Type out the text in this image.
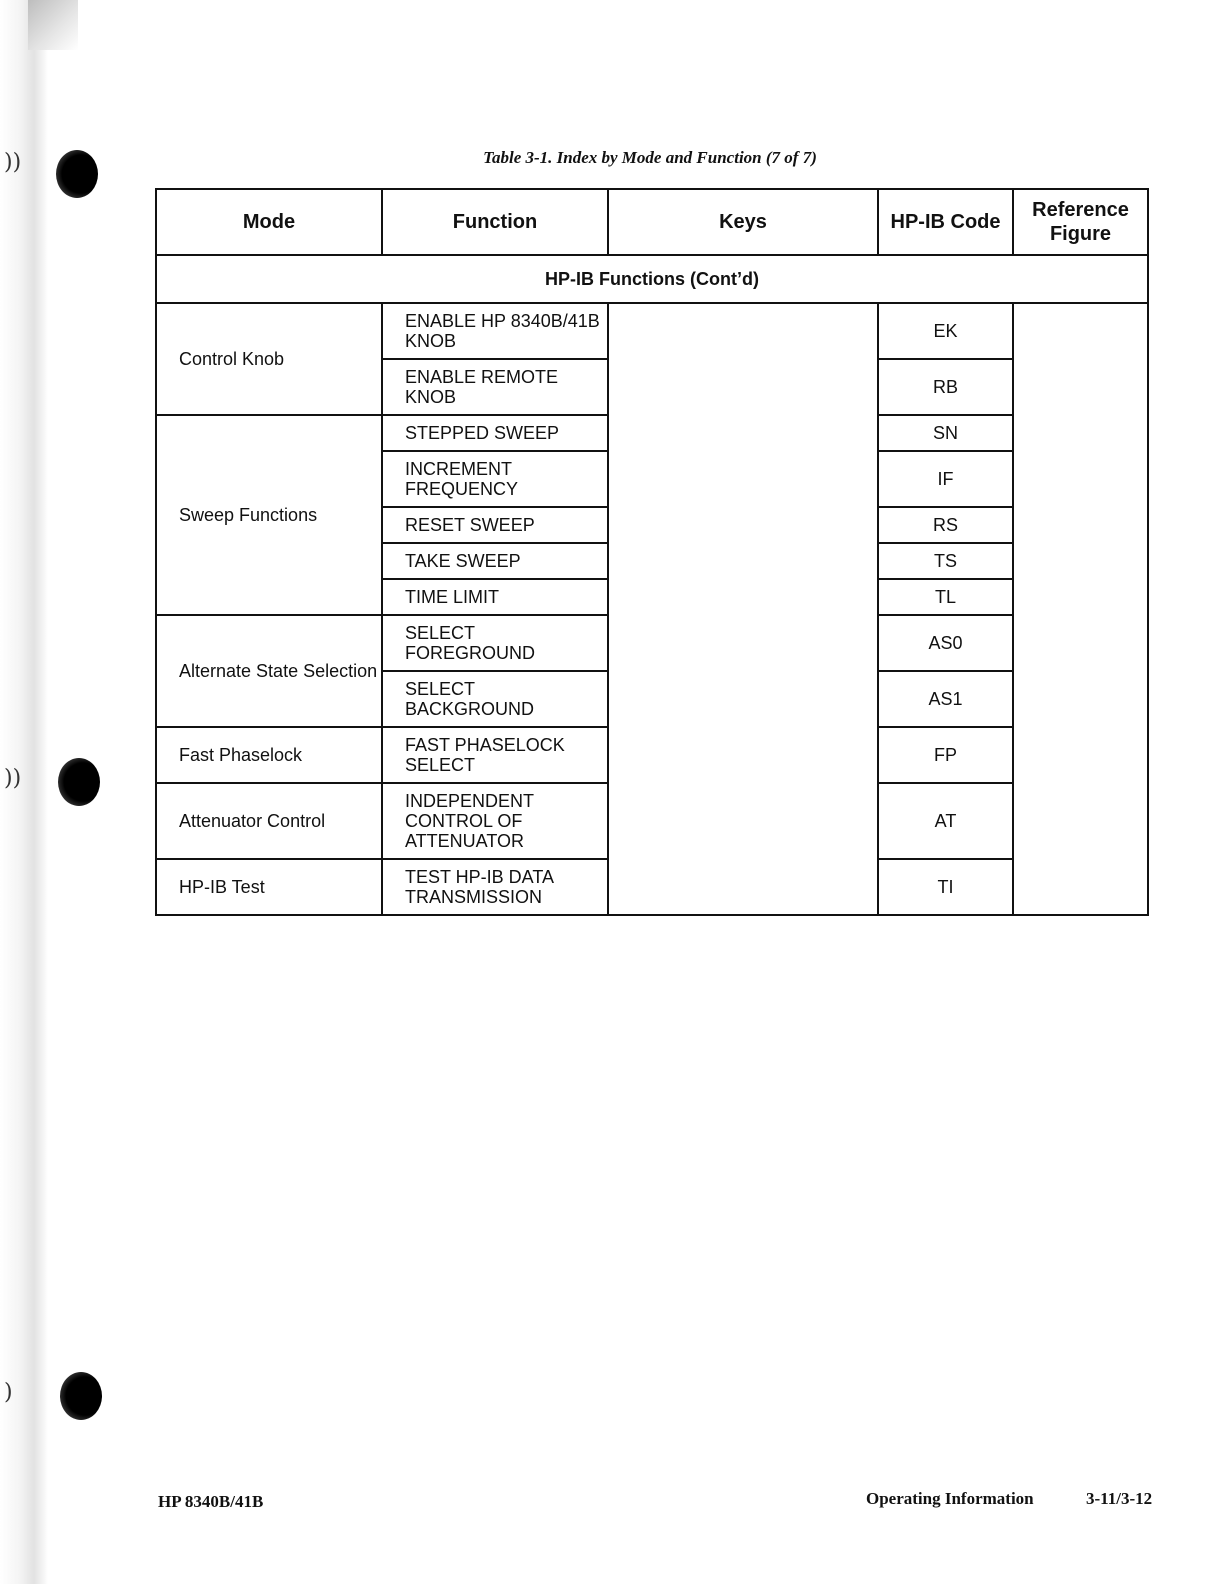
))
))
)
Table 3-1. Index by Mode and Function (7 of 7)
Mode	Function	Keys	HP-IB Code	Reference Figure
HP-IB Functions (Cont’d)				
Control Knob	ENABLE HP 8340B/41B KNOB		EK	
	ENABLE REMOTE KNOB		RB	
Sweep Functions	STEPPED SWEEP		SN	
	INCREMENT FREQUENCY		IF	
	RESET SWEEP		RS	
	TAKE SWEEP		TS	
	TIME LIMIT		TL	
Alternate State Selection	SELECT FOREGROUND		AS0	
	SELECT BACKGROUND		AS1	
Fast Phaselock	FAST PHASELOCK SELECT		FP	
Attenuator Control	INDEPENDENT CONTROL OF ATTENUATOR		AT	
HP-IB Test	TEST HP-IB DATA TRANSMISSION		TI	
HP 8340B/41B	Operating Information	3-11/3-12
